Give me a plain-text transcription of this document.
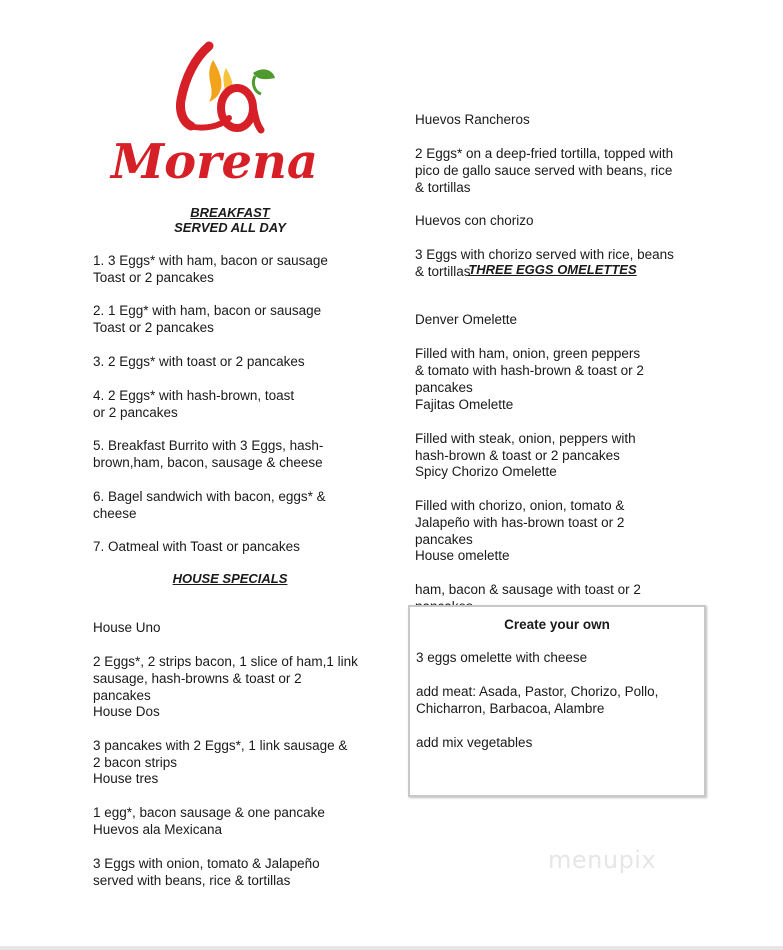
Morena
BREAKFAST
SERVED ALL DAY
1. 3 Eggs* with ham, bacon or sausage
Toast or 2 pancakes
2. 1 Egg* with ham, bacon or sausage
Toast or 2 pancakes
3. 2 Eggs* with toast or 2 pancakes
4. 2 Eggs* with hash-brown, toast
or 2 pancakes
5. Breakfast Burrito with 3 Eggs, hash-
brown,ham, bacon, sausage & cheese
6. Bagel sandwich with bacon, eggs* &
cheese
7. Oatmeal with Toast or pancakes
HOUSE SPECIALS

House Uno

2 Eggs*, 2 strips bacon, 1 slice of ham,1 link
sausage, hash-browns & toast or 2
pancakes

House Dos

3 pancakes with 2 Eggs*, 1 link sausage &
2 bacon strips

House tres

1 egg*, bacon sausage & one pancake

Huevos ala Mexicana

3 Eggs with onion, tomato & Jalapeño
served with beans, rice & tortillas

Huevos Rancheros

2 Eggs* on a deep-fried tortilla, topped with
pico de gallo sauce served with beans, rice
& tortillas

Huevos con chorizo

3 Eggs with chorizo served with rice, beans
& tortillas

THREE EGGS OMELETTES

Denver Omelette

Filled with ham, onion, green peppers
& tomato with hash-brown & toast or 2
pancakes

Fajitas Omelette

Filled with steak, onion, peppers with
hash-brown & toast or 2 pancakes

Spicy Chorizo Omelette

Filled with chorizo, onion, tomato &
Jalapeño with has-brown toast or 2
pancakes

House omelette

ham, bacon & sausage with toast or 2

Create your own

3 eggs omelette with cheese

add meat: Asada, Pastor, Chorizo, Pollo,
Chicharron, Barbacoa, Alambre

add mix vegetables

menupix
